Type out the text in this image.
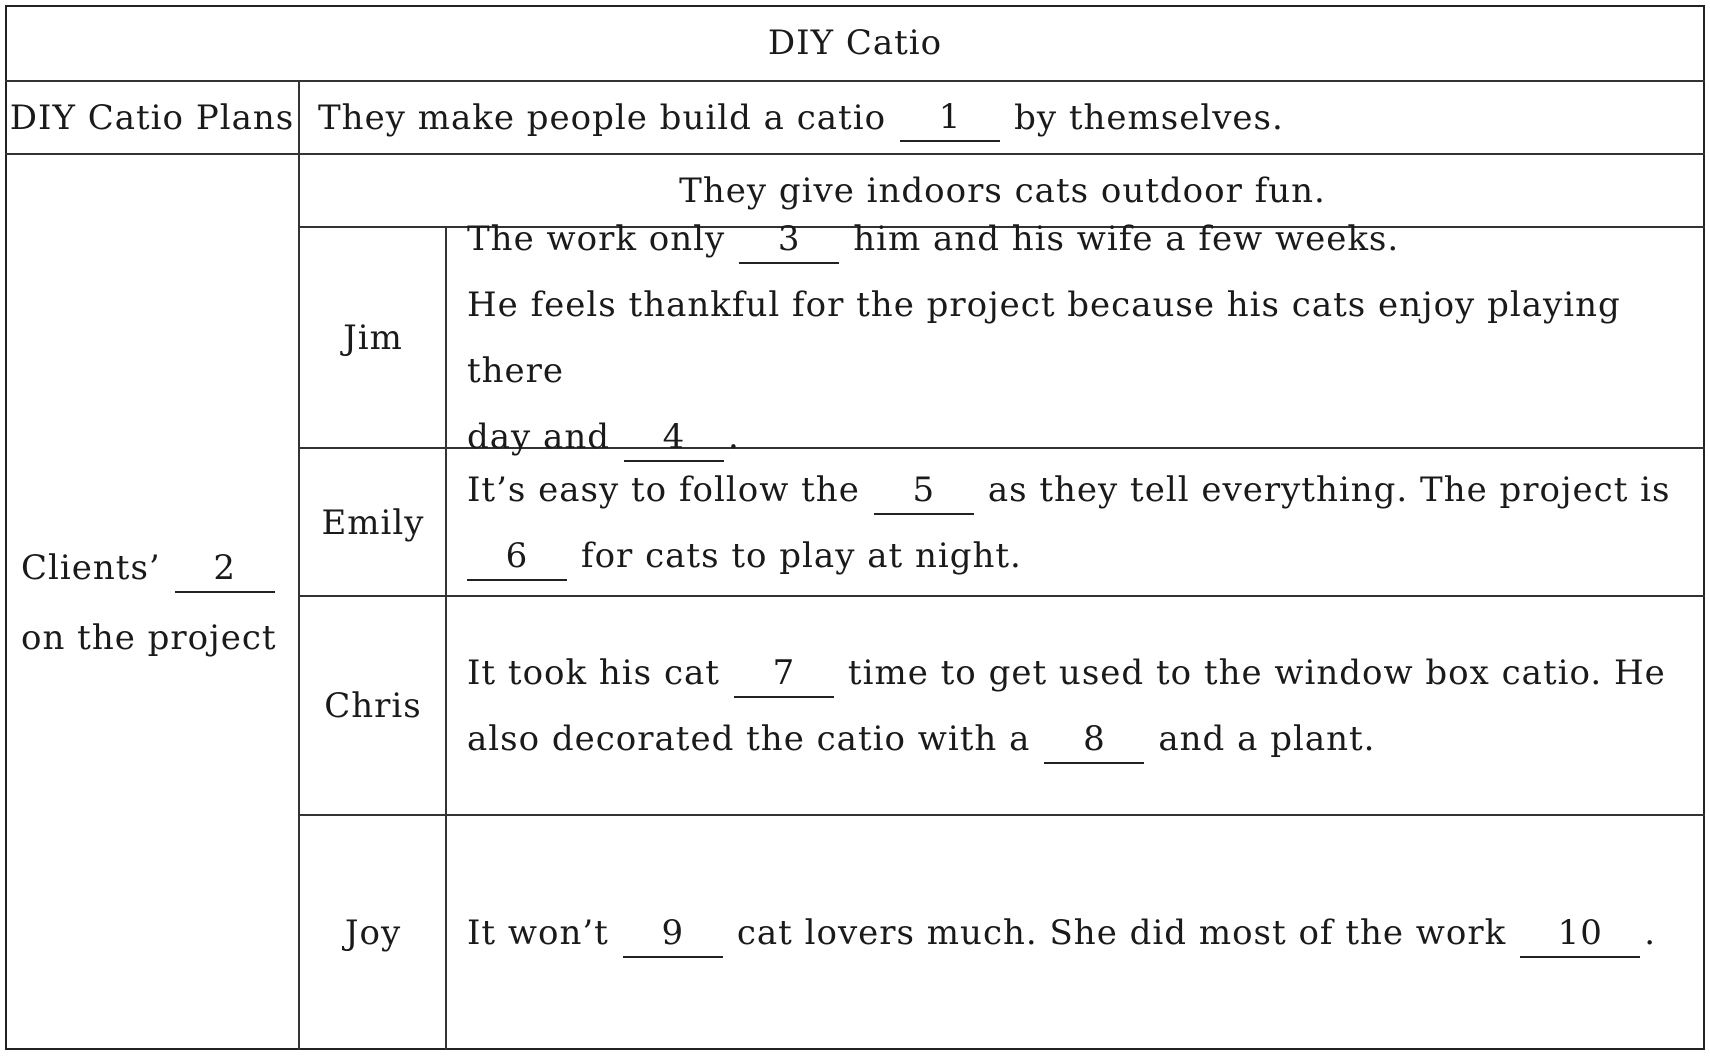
DIY Catio
DIY Catio Plans They make people build a catio	1	by themselves.
Clients’ 2
on the project
They give indoors cats outdoor fun.
Jim
The work only 3 him and his wife a few weeks.
He feels thankful for the project because his cats enjoy playing there
day and 4 .
Emily
It’s easy to follow the 5 as they tell everything. The project is
6 for cats to play at night.
Chris
It took his cat 7 time to get used to the window box catio. He
also decorated the catio with a 8 and a plant.
Joy It won’t 9 cat lovers much. She did most of the work 10 .
